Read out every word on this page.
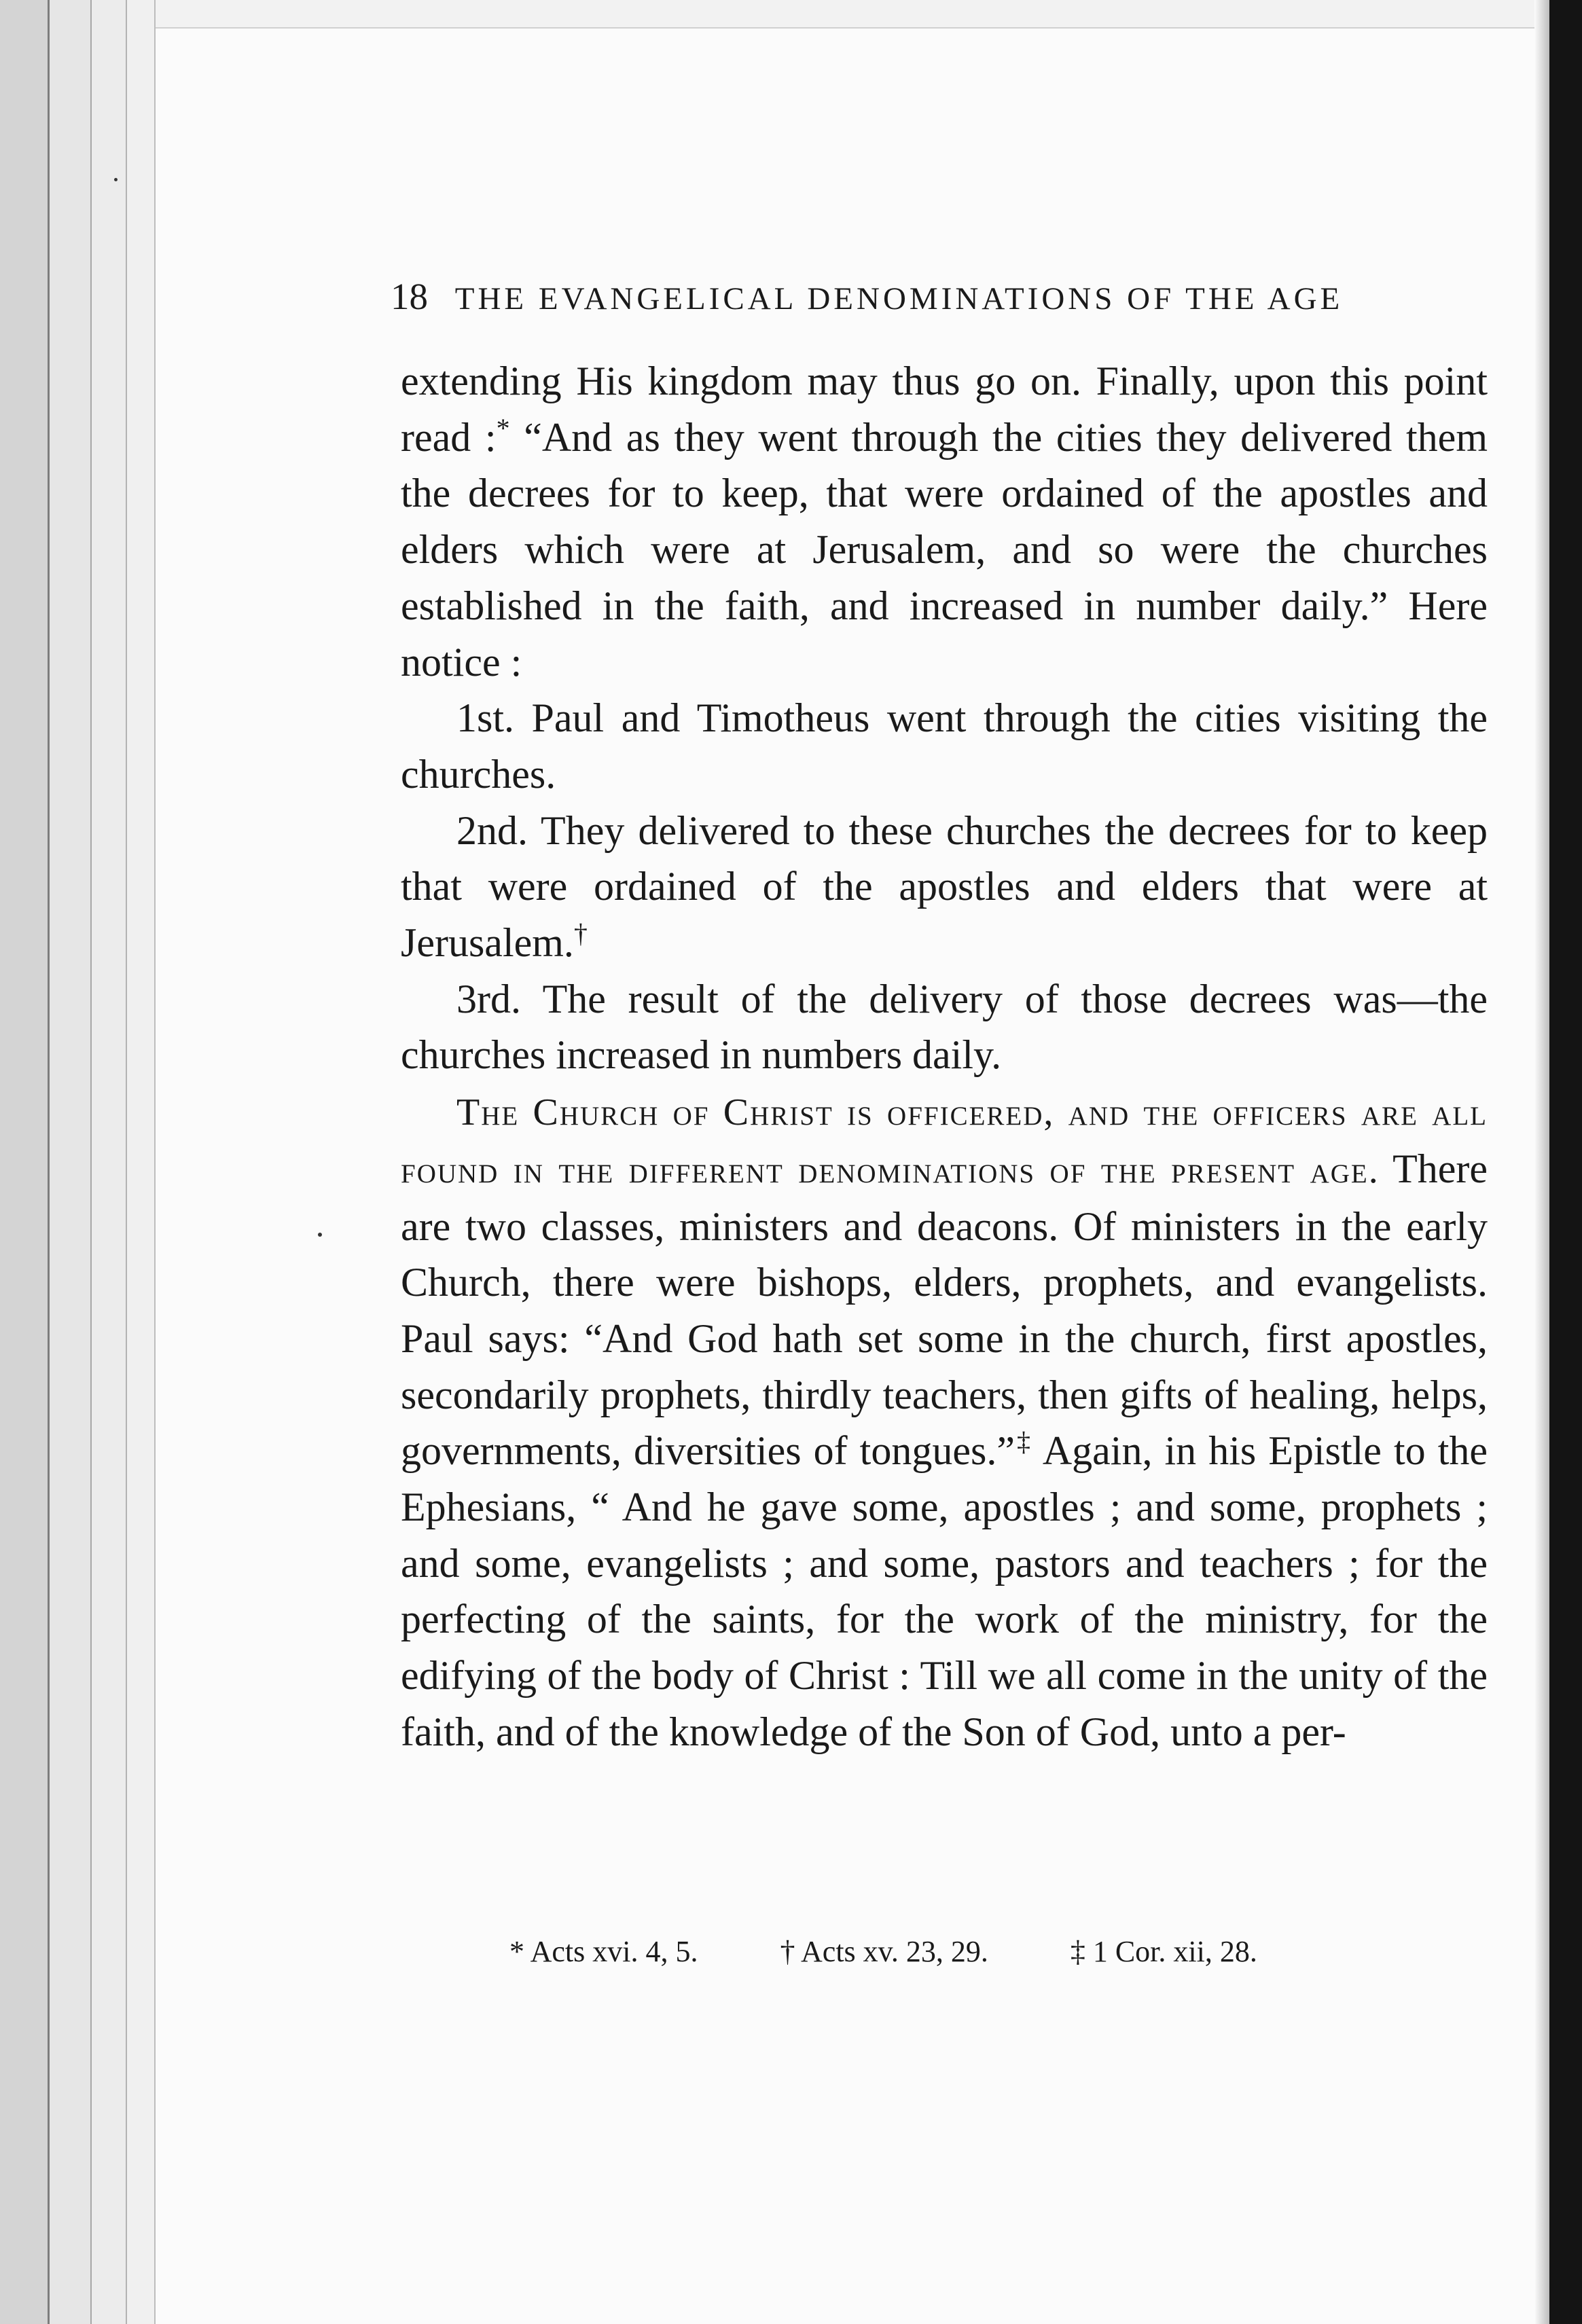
18 THE EVANGELICAL DENOMINATIONS OF THE AGE

extending His kingdom may thus go on. Finally, upon this point read :* “And as they went through the cities they delivered them the decrees for to keep, that were ordained of the apostles and elders which were at Jerusalem, and so were the churches established in the faith, and increased in number daily.” Here notice :

1st. Paul and Timotheus went through the cities visiting the churches.

2nd. They delivered to these churches the decrees for to keep that were ordained of the apostles and elders that were at Jerusalem.†

3rd. The result of the delivery of those decrees was—the churches increased in numbers daily.

The Church of Christ is officered, and the officers are all found in the different denominations of the present age. There are two classes, ministers and deacons. Of ministers in the early Church, there were bishops, elders, prophets, and evangelists. Paul says: “And God hath set some in the church, first apostles, secondarily prophets, thirdly teachers, then gifts of healing, helps, governments, diversities of tongues.”‡ Again, in his Epistle to the Ephesians, “ And he gave some, apostles ; and some, prophets ; and some, evangelists ; and some, pastors and teachers ; for the perfecting of the saints, for the work of the ministry, for the edifying of the body of Christ : Till we all come in the unity of the faith, and of the knowledge of the Son of God, unto a per-

* Acts xvi. 4, 5.	† Acts xv. 23, 29.	‡ 1 Cor. xii, 28.
